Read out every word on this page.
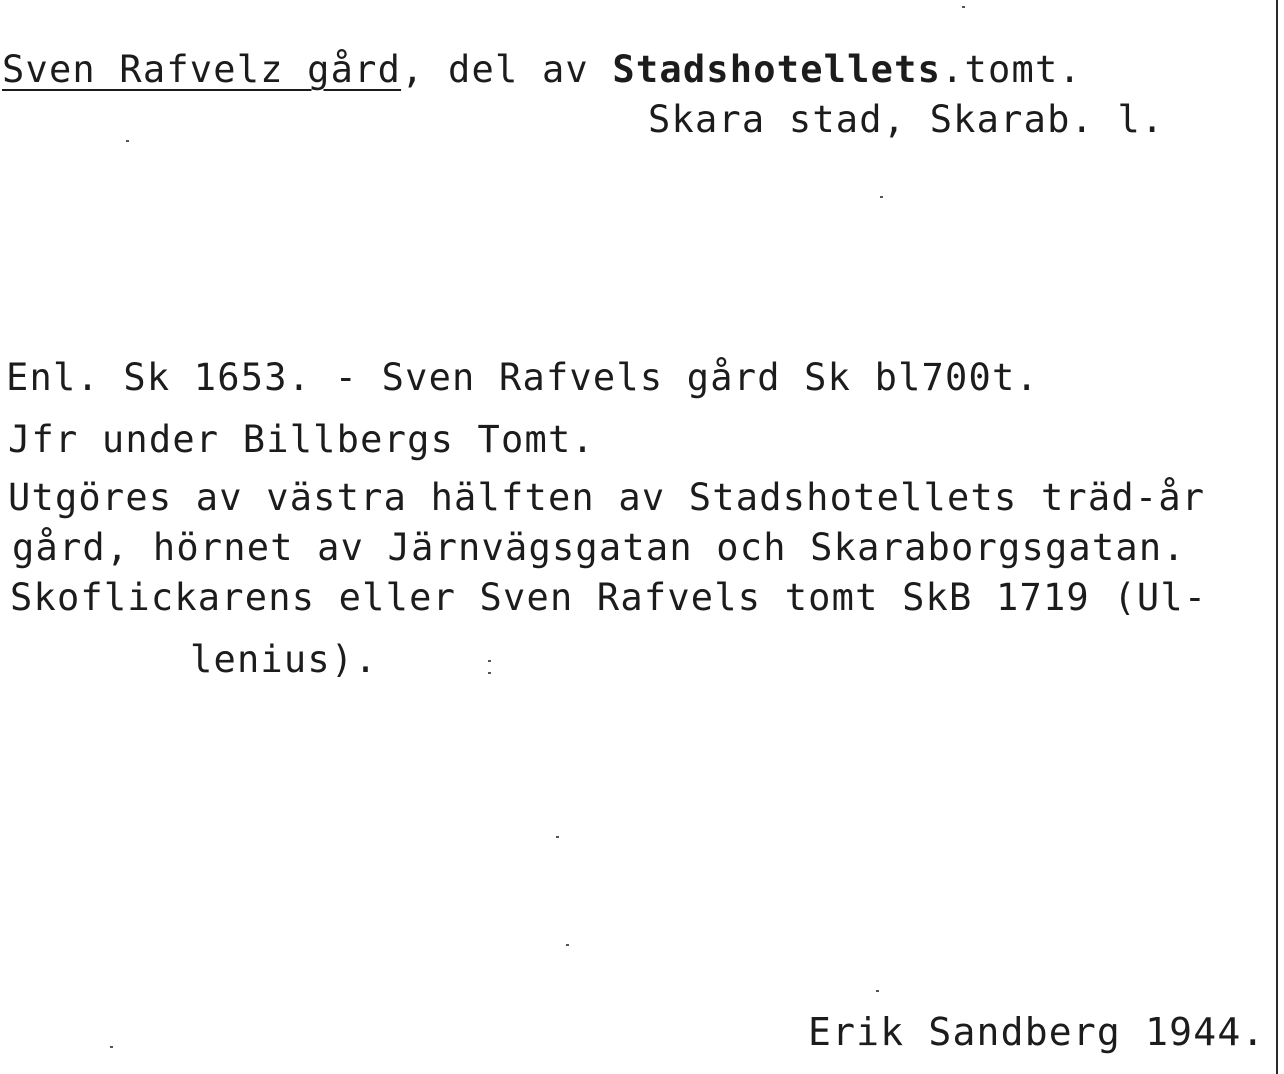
Sven Rafvelz gård, del av Stadshotellets.tomt.
Skara stad, Skarab. l.
Enl. Sk 1653. - Sven Rafvels gård Sk bl700t.
Jfr under Billbergs Tomt.
Utgöres av västra hälften av Stadshotellets träd-år
gård, hörnet av Järnvägsgatan och Skaraborgsgatan.
Skoflickarens eller Sven Rafvels tomt SkB 1719 (Ul-
lenius).
Erik Sandberg 1944.
